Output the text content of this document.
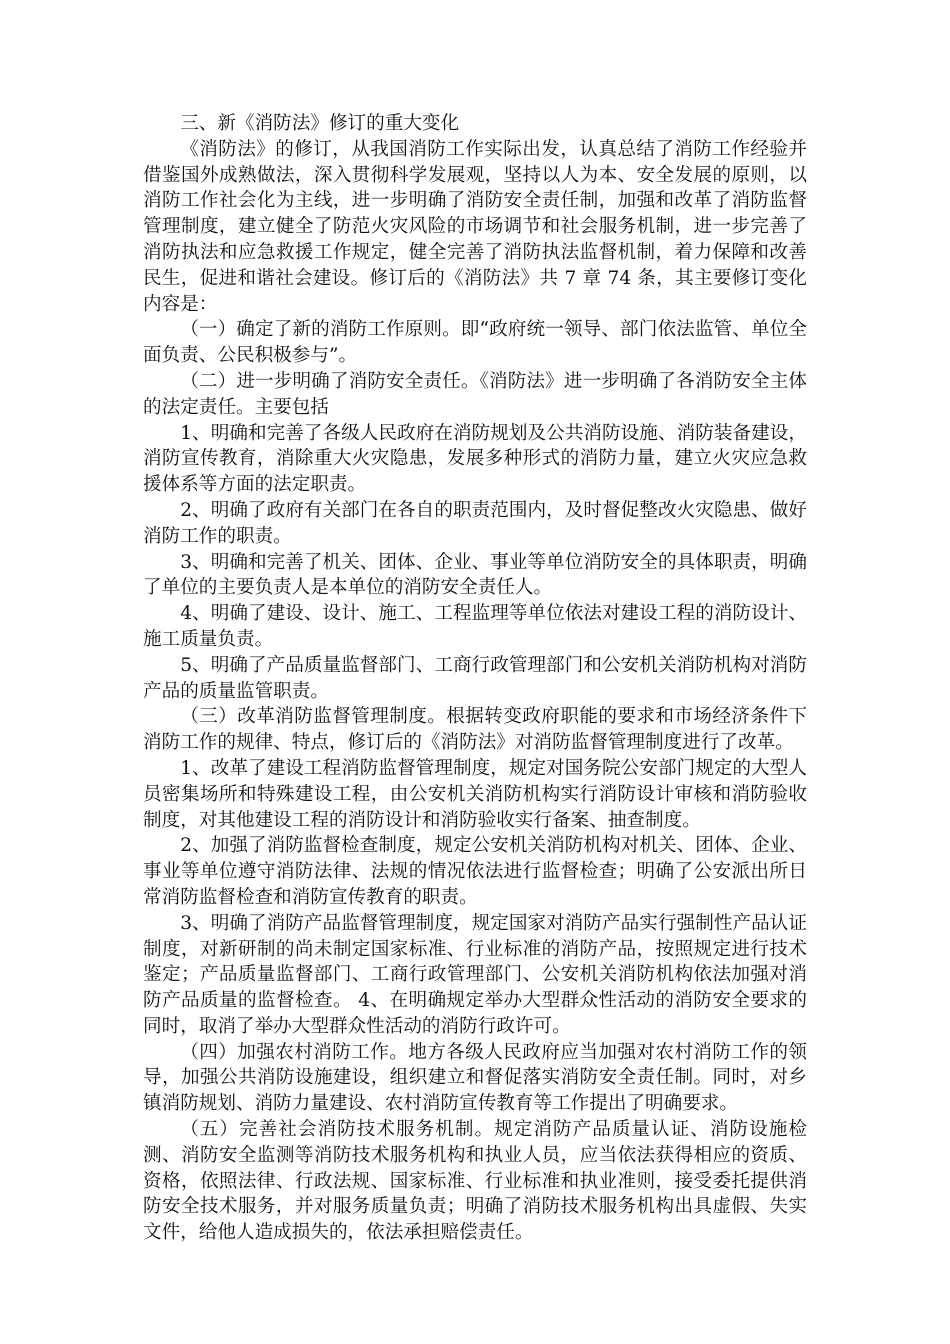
三、新《消防法》修订的重大变化

《消防法》的修订，从我国消防工作实际出发，认真总结了消防工作经验并借鉴国外成熟做法，深入贯彻科学发展观，坚持以人为本、安全发展的原则，以消防工作社会化为主线，进一步明确了消防安全责任制，加强和改革了消防监督管理制度，建立健全了防范火灾风险的市场调节和社会服务机制，进一步完善了消防执法和应急救援工作规定，健全完善了消防执法监督机制，着力保障和改善民生，促进和谐社会建设。修订后的《消防法》共 7 章 74 条，其主要修订变化内容是：

（一）确定了新的消防工作原则。即“政府统一领导、部门依法监管、单位全面负责、公民积极参与”。

（二）进一步明确了消防安全责任。《消防法》进一步明确了各消防安全主体的法定责任。主要包括

1、明确和完善了各级人民政府在消防规划及公共消防设施、消防装备建设，消防宣传教育，消除重大火灾隐患，发展多种形式的消防力量，建立火灾应急救援体系等方面的法定职责。

2、明确了政府有关部门在各自的职责范围内，及时督促整改火灾隐患、做好消防工作的职责。

3、明确和完善了机关、团体、企业、事业等单位消防安全的具体职责，明确了单位的主要负责人是本单位的消防安全责任人。

4、明确了建设、设计、施工、工程监理等单位依法对建设工程的消防设计、施工质量负责。

5、明确了产品质量监督部门、工商行政管理部门和公安机关消防机构对消防产品的质量监管职责。

（三）改革消防监督管理制度。根据转变政府职能的要求和市场经济条件下消防工作的规律、特点，修订后的《消防法》对消防监督管理制度进行了改革。

1、改革了建设工程消防监督管理制度，规定对国务院公安部门规定的大型人员密集场所和特殊建设工程，由公安机关消防机构实行消防设计审核和消防验收制度，对其他建设工程的消防设计和消防验收实行备案、抽查制度。

2、加强了消防监督检查制度，规定公安机关消防机构对机关、团体、企业、事业等单位遵守消防法律、法规的情况依法进行监督检查；明确了公安派出所日常消防监督检查和消防宣传教育的职责。

3、明确了消防产品监督管理制度，规定国家对消防产品实行强制性产品认证制度，对新研制的尚未制定国家标准、行业标准的消防产品，按照规定进行技术鉴定；产品质量监督部门、工商行政管理部门、公安机关消防机构依法加强对消防产品质量的监督检查。 4、在明确规定举办大型群众性活动的消防安全要求的同时，取消了举办大型群众性活动的消防行政许可。

（四）加强农村消防工作。地方各级人民政府应当加强对农村消防工作的领导，加强公共消防设施建设，组织建立和督促落实消防安全责任制。同时，对乡镇消防规划、消防力量建设、农村消防宣传教育等工作提出了明确要求。

（五）完善社会消防技术服务机制。规定消防产品质量认证、消防设施检测、消防安全监测等消防技术服务机构和执业人员，应当依法获得相应的资质、资格，依照法律、行政法规、国家标准、行业标准和执业准则，接受委托提供消防安全技术服务，并对服务质量负责；明确了消防技术服务机构出具虚假、失实文件，给他人造成损失的，依法承担赔偿责任。
